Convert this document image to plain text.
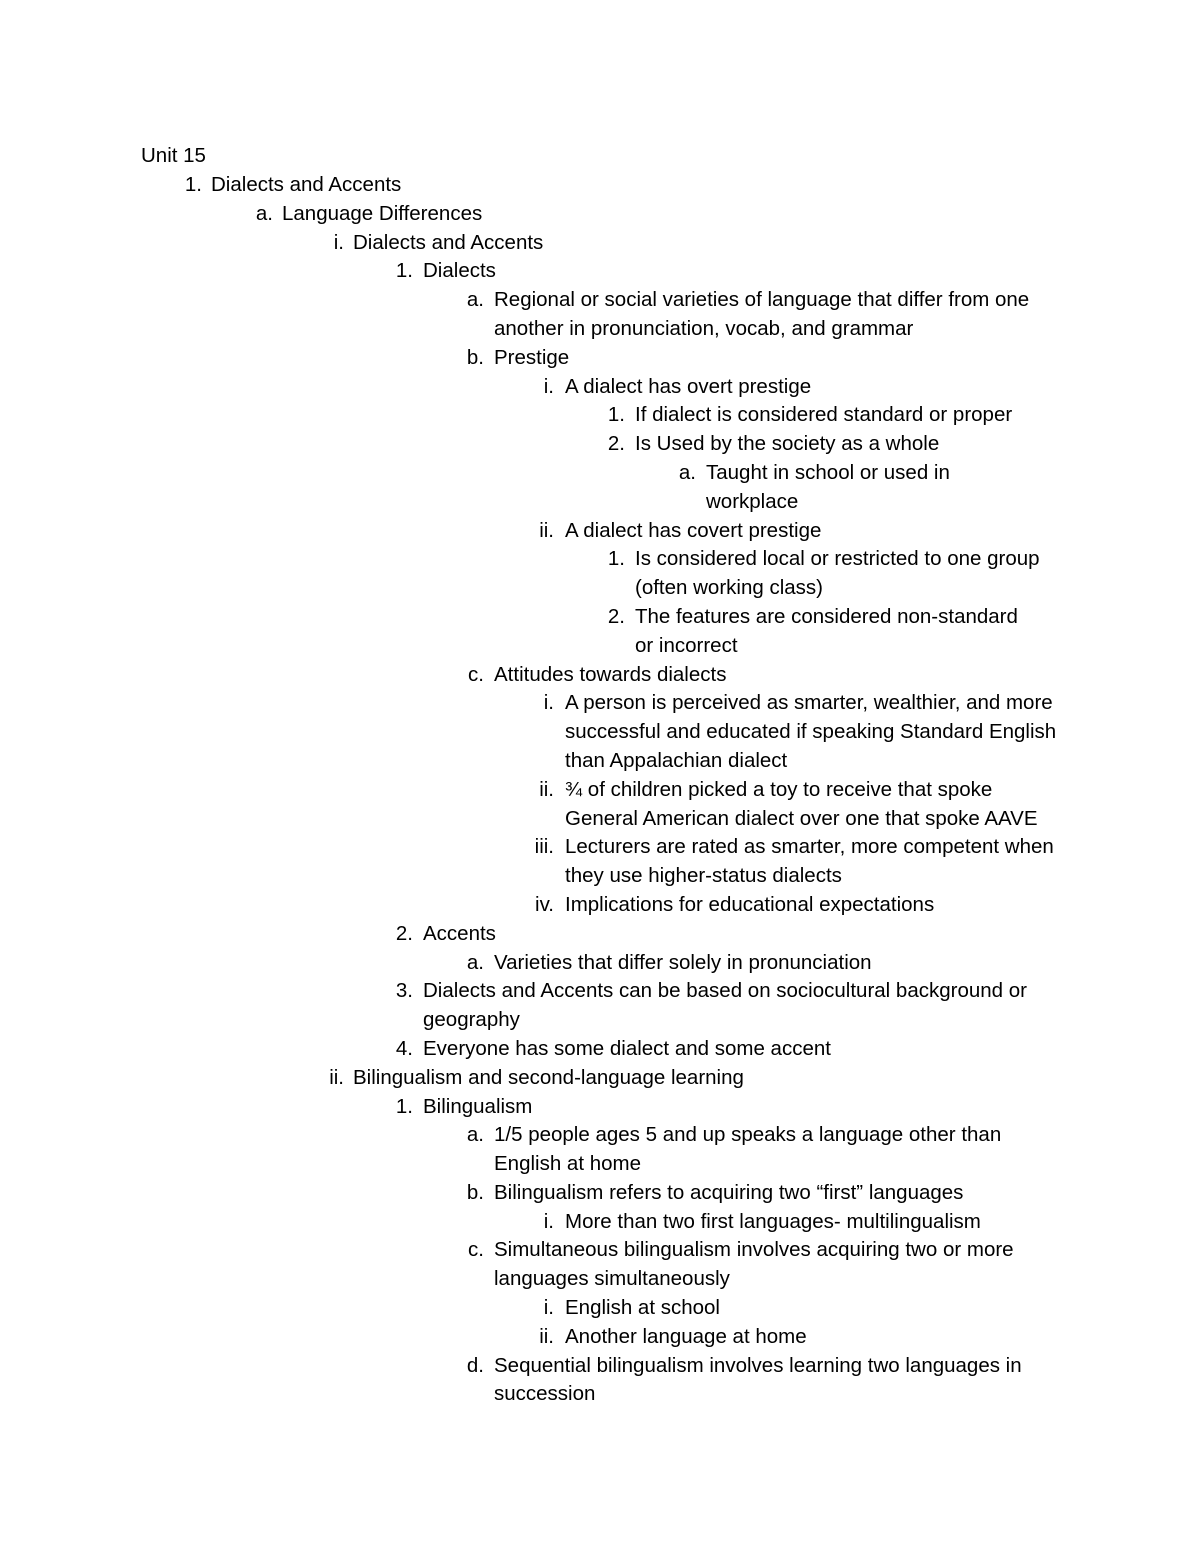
Unit 15
1. Dialects and Accents
a. Language Differences
i. Dialects and Accents
1. Dialects
a. Regional or social varieties of language that differ from one another in pronunciation, vocab, and grammar
b. Prestige
i. A dialect has overt prestige
1. If dialect is considered standard or proper
2. Is Used by the society as a whole
a. Taught in school or used in workplace
ii. A dialect has covert prestige
1. Is considered local or restricted to one group (often working class)
2. The features are considered non-standard or incorrect
c. Attitudes towards dialects
i. A person is perceived as smarter, wealthier, and more successful and educated if speaking Standard English than Appalachian dialect
ii. ¾ of children picked a toy to receive that spoke General American dialect over one that spoke AAVE
iii. Lecturers are rated as smarter, more competent when they use higher-status dialects
iv. Implications for educational expectations
2. Accents
a. Varieties that differ solely in pronunciation
3. Dialects and Accents can be based on sociocultural background or geography
4. Everyone has some dialect and some accent
ii. Bilingualism and second-language learning
1. Bilingualism
a. 1/5 people ages 5 and up speaks a language other than English at home
b. Bilingualism refers to acquiring two “first” languages
i. More than two first languages- multilingualism
c. Simultaneous bilingualism involves acquiring two or more languages simultaneously
i. English at school
ii. Another language at home
d. Sequential bilingualism involves learning two languages in succession
